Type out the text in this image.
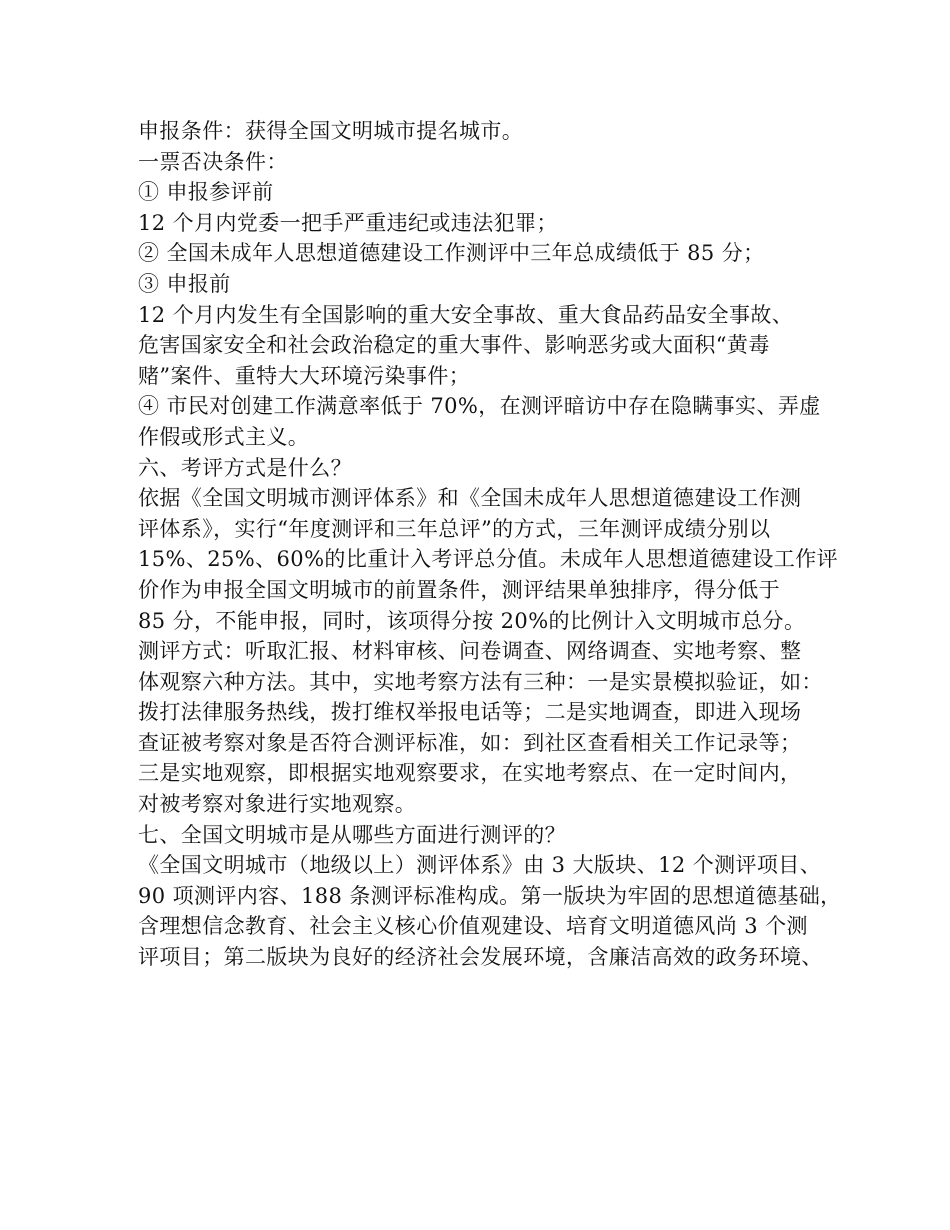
申报条件：获得全国文明城市提名城市。
一票否决条件：
① 申报参评前
12 个月内党委一把手严重违纪或违法犯罪；
② 全国未成年人思想道德建设工作测评中三年总成绩低于 85 分；
③ 申报前
12 个月内发生有全国影响的重大安全事故、重大食品药品安全事故、
危害国家安全和社会政治稳定的重大事件、影响恶劣或大面积“黄毒
赌”案件、重特大大环境污染事件；
④ 市民对创建工作满意率低于 70%，在测评暗访中存在隐瞒事实、弄虚
作假或形式主义。
六、考评方式是什么？
依据《全国文明城市测评体系》和《全国未成年人思想道德建设工作测
评体系》，实行“年度测评和三年总评”的方式，三年测评成绩分别以
15%、25%、60%的比重计入考评总分值。未成年人思想道德建设工作评
价作为申报全国文明城市的前置条件，测评结果单独排序，得分低于
85 分，不能申报，同时，该项得分按 20%的比例计入文明城市总分。
测评方式：听取汇报、材料审核、问卷调查、网络调查、实地考察、整
体观察六种方法。其中，实地考察方法有三种：一是实景模拟验证，如：
拨打法律服务热线，拨打维权举报电话等；二是实地调查，即进入现场
查证被考察对象是否符合测评标准，如：到社区查看相关工作记录等；
三是实地观察，即根据实地观察要求，在实地考察点、在一定时间内，
对被考察对象进行实地观察。
七、全国文明城市是从哪些方面进行测评的？
《全国文明城市（地级以上）测评体系》由 3 大版块、12 个测评项目、
90 项测评内容、188 条测评标准构成。第一版块为牢固的思想道德基础，
含理想信念教育、社会主义核心价值观建设、培育文明道德风尚 3 个测
评项目；第二版块为良好的经济社会发展环境，含廉洁高效的政务环境、
